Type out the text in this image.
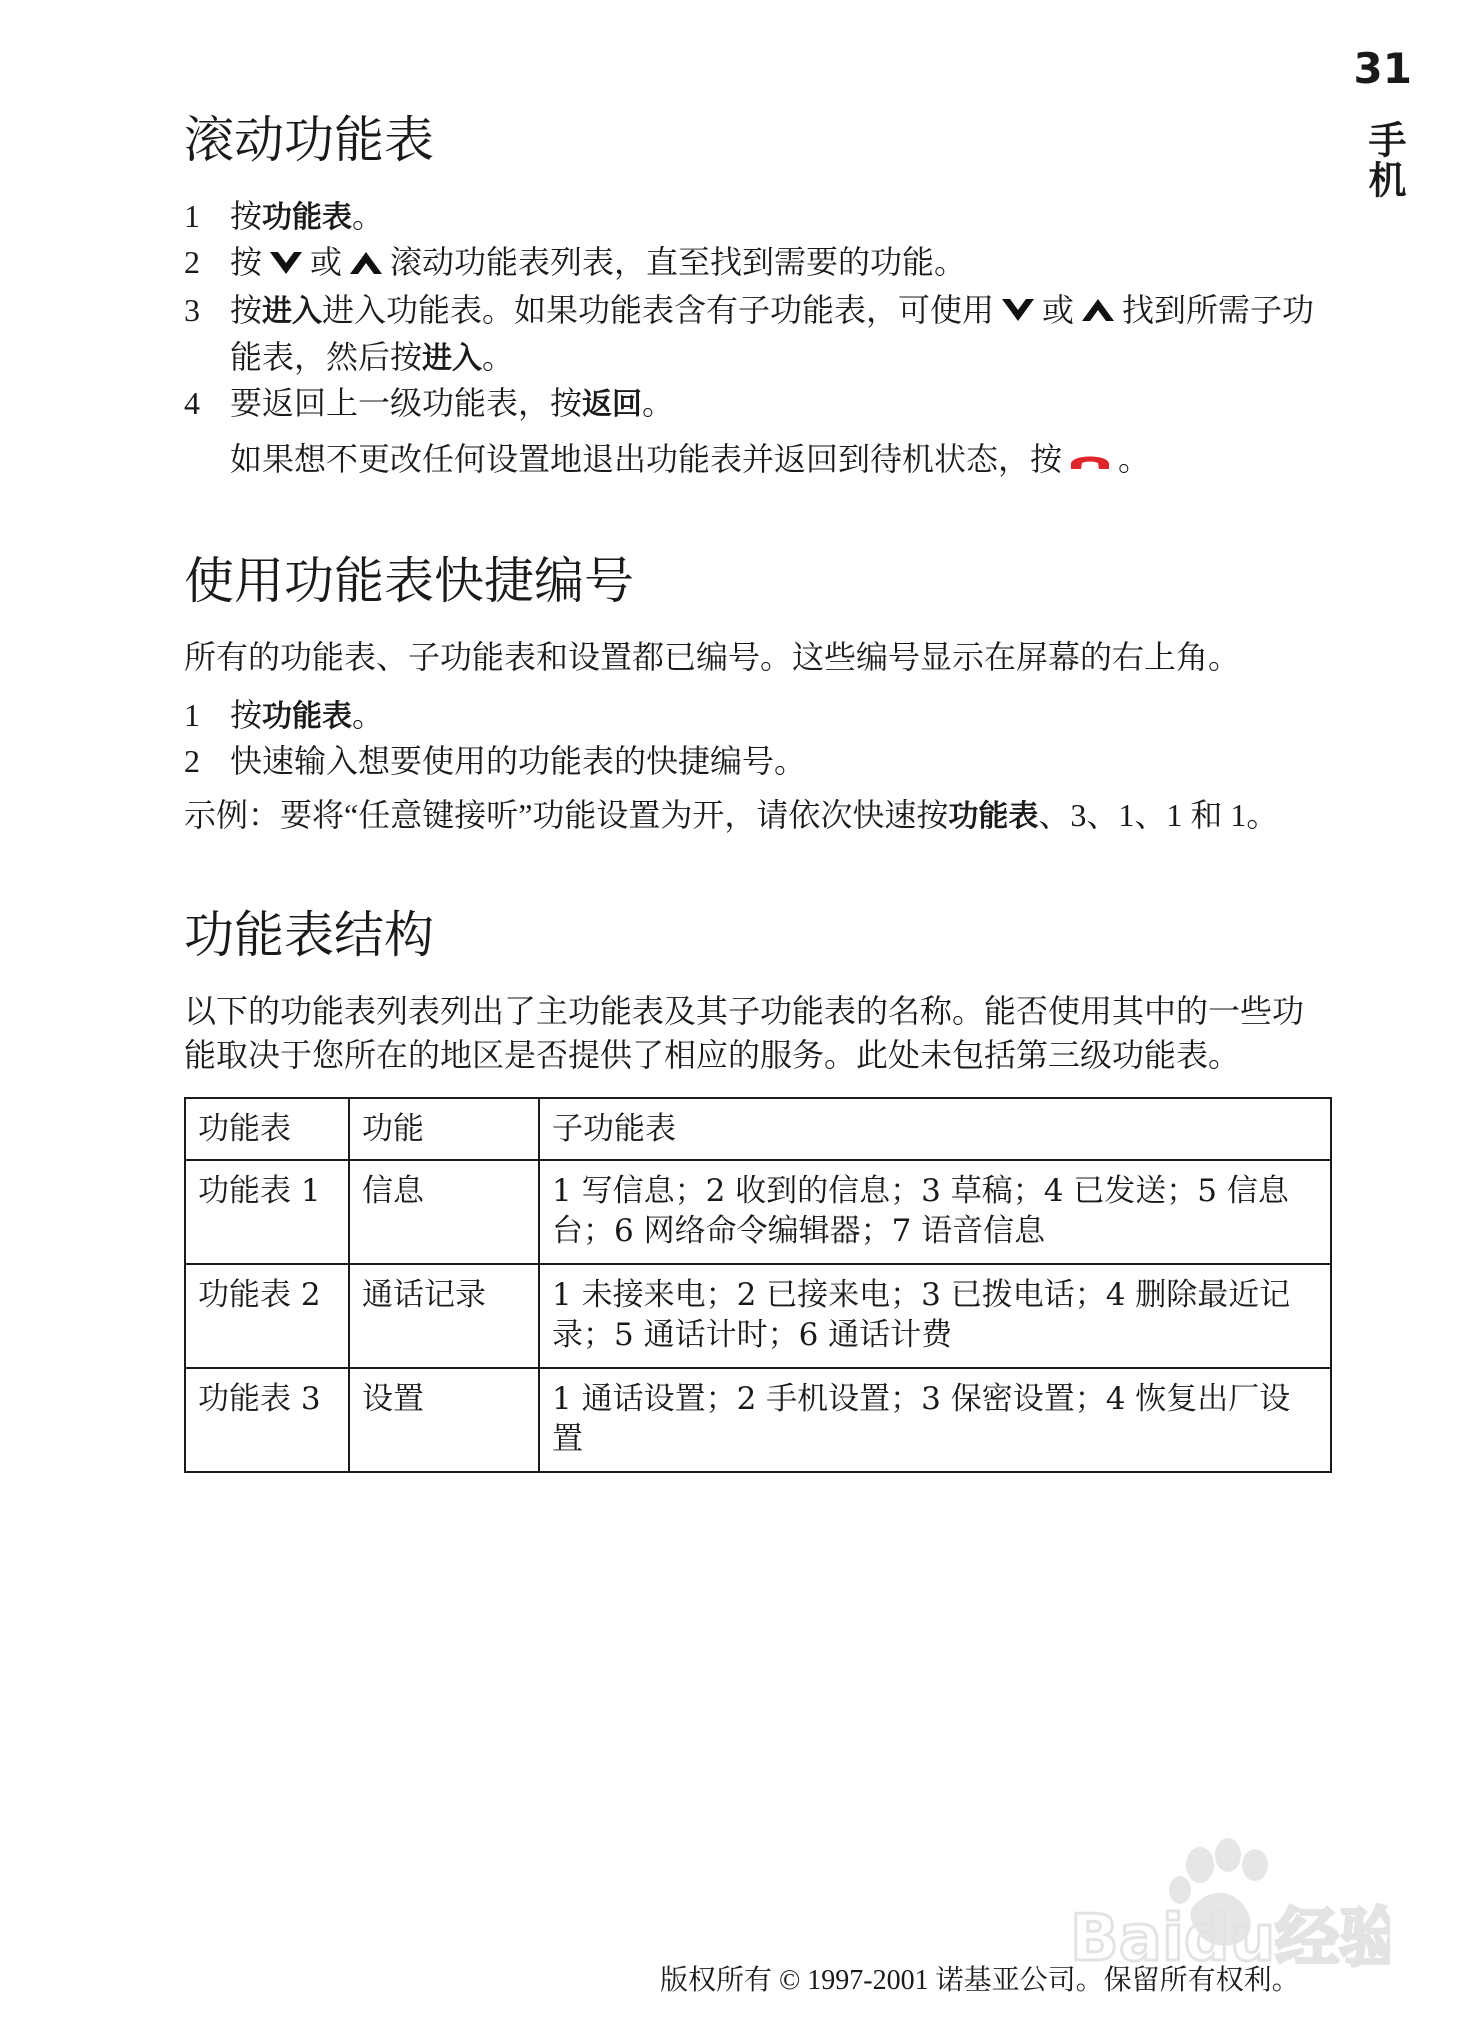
31
手机
滚动功能表
1 按功能表。
2 按 或 滚动功能表列表，直至找到需要的功能。
3 按进入进入功能表。如果功能表含有子功能表，可使用 或 找到所需子功能表，然后按进入。
4 要返回上一级功能表，按返回。
如果想不更改任何设置地退出功能表并返回到待机状态，按 。
使用功能表快捷编号

所有的功能表、子功能表和设置都已编号。这些编号显示在屏幕的右上角。

1 按功能表。
2 快速输入想要使用的功能表的快捷编号。

示例：要将“任意键接听”功能设置为开，请依次快速按功能表、3、1、1 和 1。

功能表结构

以下的功能表列表列出了主功能表及其子功能表的名称。能否使用其中的一些功能取决于您所在的地区是否提供了相应的服务。此处未包括第三级功能表。

功能表	功能	子功能表
功能表 1	信息	1 写信息；2 收到的信息；3 草稿；4 已发送；5 信息台；6 网络命令编辑器；7 语音信息
功能表 2	通话记录	1 未接来电；2 已接来电；3 已拨电话；4 删除最近记录；5 通话计时；6 通话计费
功能表 3	设置	1 通话设置；2 手机设置；3 保密设置；4 恢复出厂设置
Baidu经验
版权所有 © 1997-2001 诺基亚公司。保留所有权利。
